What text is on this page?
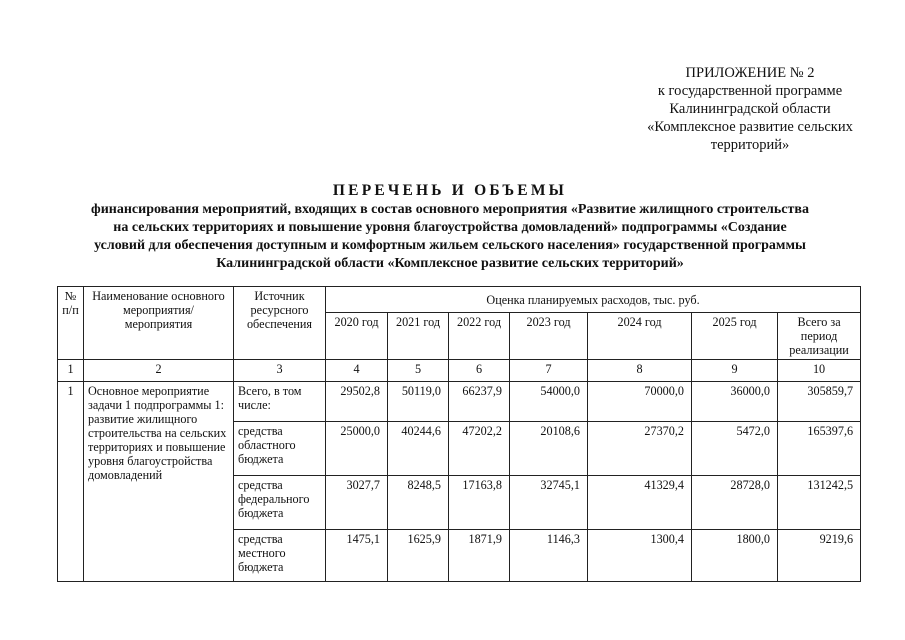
ПРИЛОЖЕНИЕ № 2
к государственной программе
Калининградской области
«Комплексное развитие сельских
территорий»
ПЕРЕЧЕНЬ И ОБЪЕМЫ
финансирования мероприятий, входящих в состав основного мероприятия «Развитие жилищного строительства
на сельских территориях и повышение уровня благоустройства домовладений» подпрограммы «Создание
условий для обеспечения доступным и комфортным жильем сельского населения» государственной программы
Калининградской области «Комплексное развитие сельских территорий»
№ п/п	Наименование основного мероприятия/ мероприятия	Источник ресурсного обеспечения	Оценка планируемых расходов, тыс. руб.						
			2020 год	2021 год	2022 год	2023 год	2024 год	2025 год	Всего за период реализации
1	2	3	4	5	6	7	8	9	10
1	Основное мероприятие задачи 1 подпрограммы 1: развитие жилищного строительства на сельских территориях и повышение уровня благоустройства домовладений	Всего, в том числе:	29502,8	50119,0	66237,9	54000,0	70000,0	36000,0	305859,7
		средства областного бюджета	25000,0	40244,6	47202,2	20108,6	27370,2	5472,0	165397,6
		средства федерального бюджета	3027,7	8248,5	17163,8	32745,1	41329,4	28728,0	131242,5
		средства местного бюджета	1475,1	1625,9	1871,9	1146,3	1300,4	1800,0	9219,6
